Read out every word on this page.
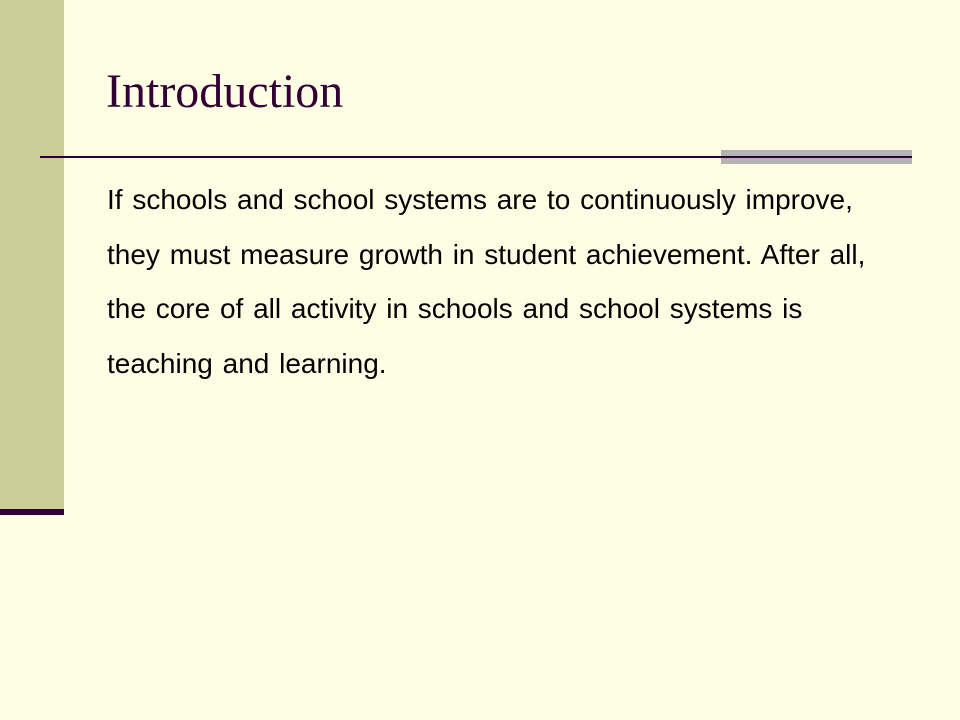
Introduction

If schools and school systems are to continuously improve, they must measure growth in student achievement. After all, the core of all activity in schools and school systems is teaching and learning.
